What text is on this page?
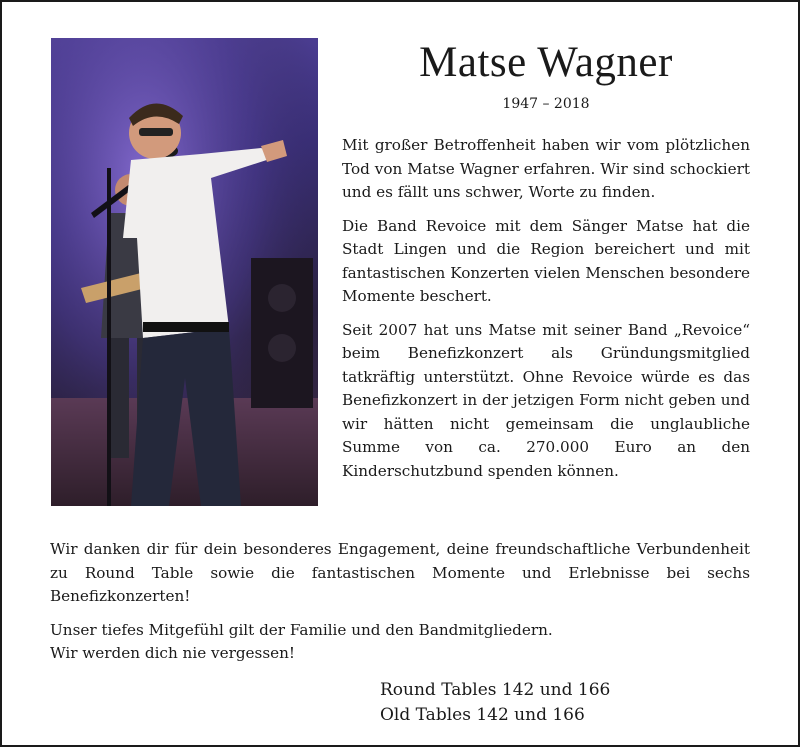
Matse Wagner
1947 – 2018

Mit großer Betroffenheit haben wir vom plötzlichen Tod von Matse Wagner erfahren. Wir sind schockiert und es fällt uns schwer, Worte zu finden.

Die Band Revoice mit dem Sänger Matse hat die Stadt Lingen und die Region bereichert und mit fantastischen Konzerten vielen Menschen besondere Momente beschert.

Seit 2007 hat uns Matse mit seiner Band „Revoice“ beim Benefizkonzert als Gründungsmitglied tatkräftig unterstützt. Ohne Revoice würde es das Benefizkonzert in der jetzigen Form nicht geben und wir hätten nicht gemeinsam die unglaubliche Summe von ca. 270.000 Euro an den Kinderschutzbund spenden können.

Wir danken dir für dein besonderes Engagement, deine freundschaftliche Verbundenheit zu Round Table sowie die fantastischen Momente und Erlebnisse bei sechs Benefizkonzerten!

Unser tiefes Mitgefühl gilt der Familie und den Bandmitgliedern.
Wir werden dich nie vergessen!

Round Tables 142 und 166
Old Tables 142 und 166
